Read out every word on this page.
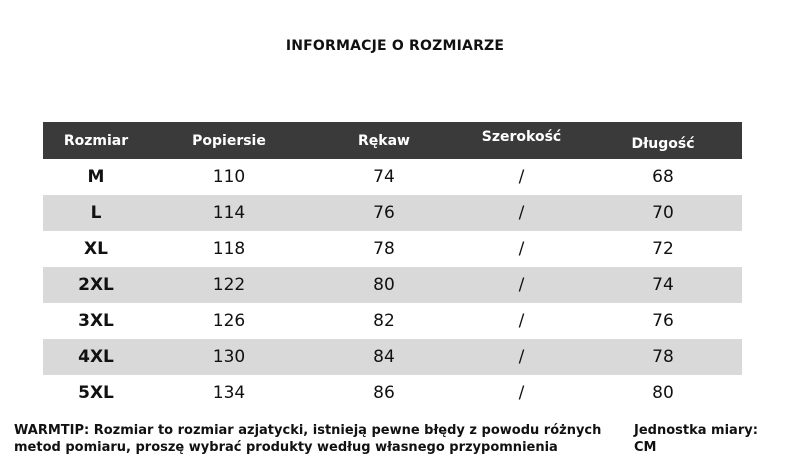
INFORMACJE O ROZMIARZE
Rozmiar	Popiersie	Rękaw	Szerokość	Długość
M	110	74	/	68
L	114	76	/	70
XL	118	78	/	72
2XL	122	80	/	74
3XL	126	82	/	76
4XL	130	84	/	78
5XL	134	86	/	80
WARMTIP: Rozmiar to rozmiar azjatycki, istnieją pewne błędy z powodu różnych
metod pomiaru, proszę wybrać produkty według własnego przypomnienia
Jednostka miary:
CM
